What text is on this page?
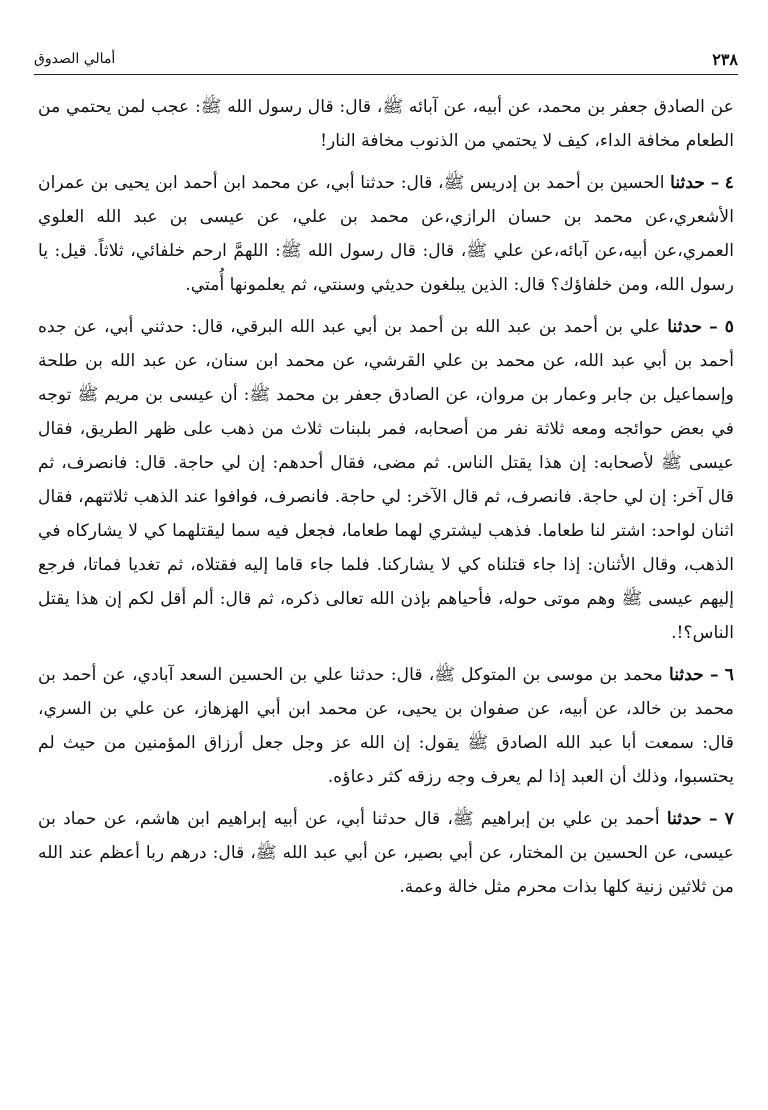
٢٣٨
أمالي الصدوق

عن الصادق جعفر بن محمد، عن أبيه، عن آبائه ﷺ، قال: قال رسول الله ﷺ: عجب لمن يحتمي من الطعام مخافة الداء، كيف لا يحتمي من الذنوب مخافة النار!

٤ – حدثنا الحسين بن أحمد بن إدريس ﷺ، قال: حدثنا أبي، عن محمد ابن أحمد ابن يحيى بن عمران الأشعري،عن محمد بن حسان الرازي،عن محمد بن علي، عن عيسى بن عبد الله العلوي العمري،عن أبيه،عن آبائه،عن علي ﷺ، قال: قال رسول الله ﷺ: اللهمَّ ارحم خلفائي، ثلاثاً. قيل: يا رسول الله، ومن خلفاؤك؟ قال: الذين يبلغون حديثي وسنتي، ثم يعلمونها أُمتي.

٥ – حدثنا علي بن أحمد بن عبد الله بن أحمد بن أبي عبد الله البرقي، قال: حدثني أبي، عن جده أحمد بن أبي عبد الله، عن محمد بن علي القرشي، عن محمد ابن سنان، عن عبد الله بن طلحة وإسماعيل بن جابر وعمار بن مروان، عن الصادق جعفر بن محمد ﷺ: أن عيسى بن مريم ﷺ توجه في بعض حوائجه ومعه ثلاثة نفر من أصحابه، فمر بلبنات ثلاث من ذهب على ظهر الطريق، فقال عيسى ﷺ لأصحابه: إن هذا يقتل الناس. ثم مضى، فقال أحدهم: إن لي حاجة. قال: فانصرف، ثم قال آخر: إن لي حاجة. فانصرف، ثم قال الآخر: لي حاجة. فانصرف، فوافوا عند الذهب ثلاثتهم، فقال اثنان لواحد: اشتر لنا طعاما. فذهب ليشتري لهما طعاما، فجعل فيه سما ليقتلهما كي لا يشاركاه في الذهب، وقال الأثنان: إذا جاء قتلناه كي لا يشاركنا. فلما جاء قاما إليه فقتلاه، ثم تغديا فماتا، فرجع إليهم عيسى ﷺ وهم موتى حوله، فأحياهم بإذن الله تعالى ذكره، ثم قال: ألم أقل لكم إن هذا يقتل الناس؟!.

٦ – حدثنا محمد بن موسى بن المتوكل ﷺ، قال: حدثنا علي بن الحسين السعد آبادي، عن أحمد بن محمد بن خالد، عن أبيه، عن صفوان بن يحيى، عن محمد ابن أبي الهزهاز، عن علي بن السري، قال: سمعت أبا عبد الله الصادق ﷺ يقول: إن الله عز وجل جعل أرزاق المؤمنين من حيث لم يحتسبوا، وذلك أن العبد إذا لم يعرف وجه رزقه كثر دعاؤه.

٧ – حدثنا أحمد بن علي بن إبراهيم ﷺ، قال حدثنا أبي، عن أبيه إبراهيم ابن هاشم، عن حماد بن عيسى، عن الحسين بن المختار، عن أبي بصير، عن أبي عبد الله ﷺ، قال: درهم ربا أعظم عند الله من ثلاثين زنية كلها بذات محرم مثل خالة وعمة.
